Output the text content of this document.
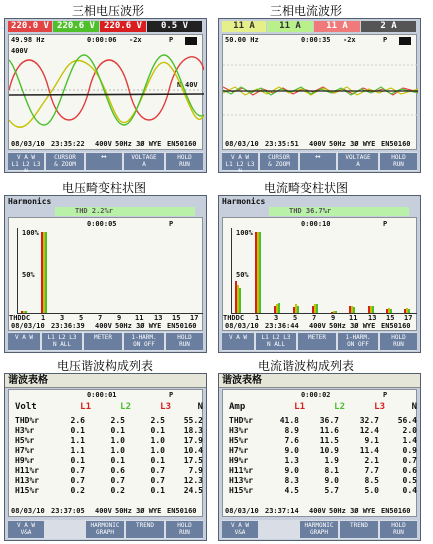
三相电压波形	三相电流波形
电压畸变柱状图	电流畸变柱状图
电压谐波构成列表	电流谐波构成列表
220.0 V 220.6 V	220.6 V	0.5 V
49.98 Hz	0:00:06 -2x	P
400V
N 40V
08/03/10 23:35:22 400V 50Hz 3Ø WYE EN50160
V A W
L1 L2 L3 N
CURSOR
& ZOOM
↔	VOLTAGE
A
HOLD
RUN
11 A	11 A	11 A	2 A
50.00 Hz	0:00:35 -2x	P
08/03/10 23:35:51 400V 50Hz 3Ø WYE EN50160
V A W
L1 L2 L3 N
CURSOR
& ZOOM
↔	VOLTAGE
A
HOLD
RUN
Harmonics
THD 2.2%r
0:00:05	P
100%
50%
THDDC 1 3 5 7 9 11 13 15 17
08/03/10 23:36:39 400V 50Hz 3Ø WYE EN50160
V A W	L1 L2 L3
N ALL
METER	1-HARM.
ON OFF
HOLD
RUN
Harmonics
THD 36.7%r
0:00:10	P
100%
50%
THDDC 1 3 5 7 9 11 13 15 17
08/03/10 23:36:44 400V 50Hz 3Ø WYE EN50160
V A W	L1 L2 L3
N ALL
METER	1-HARM.
ON OFF
HOLD
RUN
谐波表格
0:00:01	P
Volt	L1	L2	L3	N
THD%r	2.6	2.5	2.5	55.2
H3%r	0.1	0.1	0.1	18.3
H5%r	1.1	1.0	1.0	17.9
H7%r	1.1	1.0	1.0	10.4
H9%r	0.1	0.1	0.1	17.5
H11%r	0.7	0.6	0.7	7.9
H13%r	0.7	0.7	0.7	12.3
H15%r	0.2	0.2	0.1	24.5
08/03/10 23:37:05 400V 50Hz 3Ø WYE EN50160
V A W
V&A
HARMONIC
GRAPH
TREND	HOLD
RUN
谐波表格
0:00:02	P
Amp	L1	L2	L3	N
THD%r	41.8	36.7	32.7	56.4
H3%r	8.9	11.6	12.4	2.0
H5%r	7.6	11.5	9.1	1.4
H7%r	9.0	10.9	11.4	0.9
H9%r	1.3	1.9	2.1	0.7
H11%r	9.0	8.1	7.7	0.6
H13%r	8.3	9.0	8.5	0.5
H15%r	4.5	5.7	5.0	0.4
08/03/10 23:37:14 400V 50Hz 3Ø WYE EN50160
V A W
V&A
HARMONIC
GRAPH
TREND	HOLD
RUN
